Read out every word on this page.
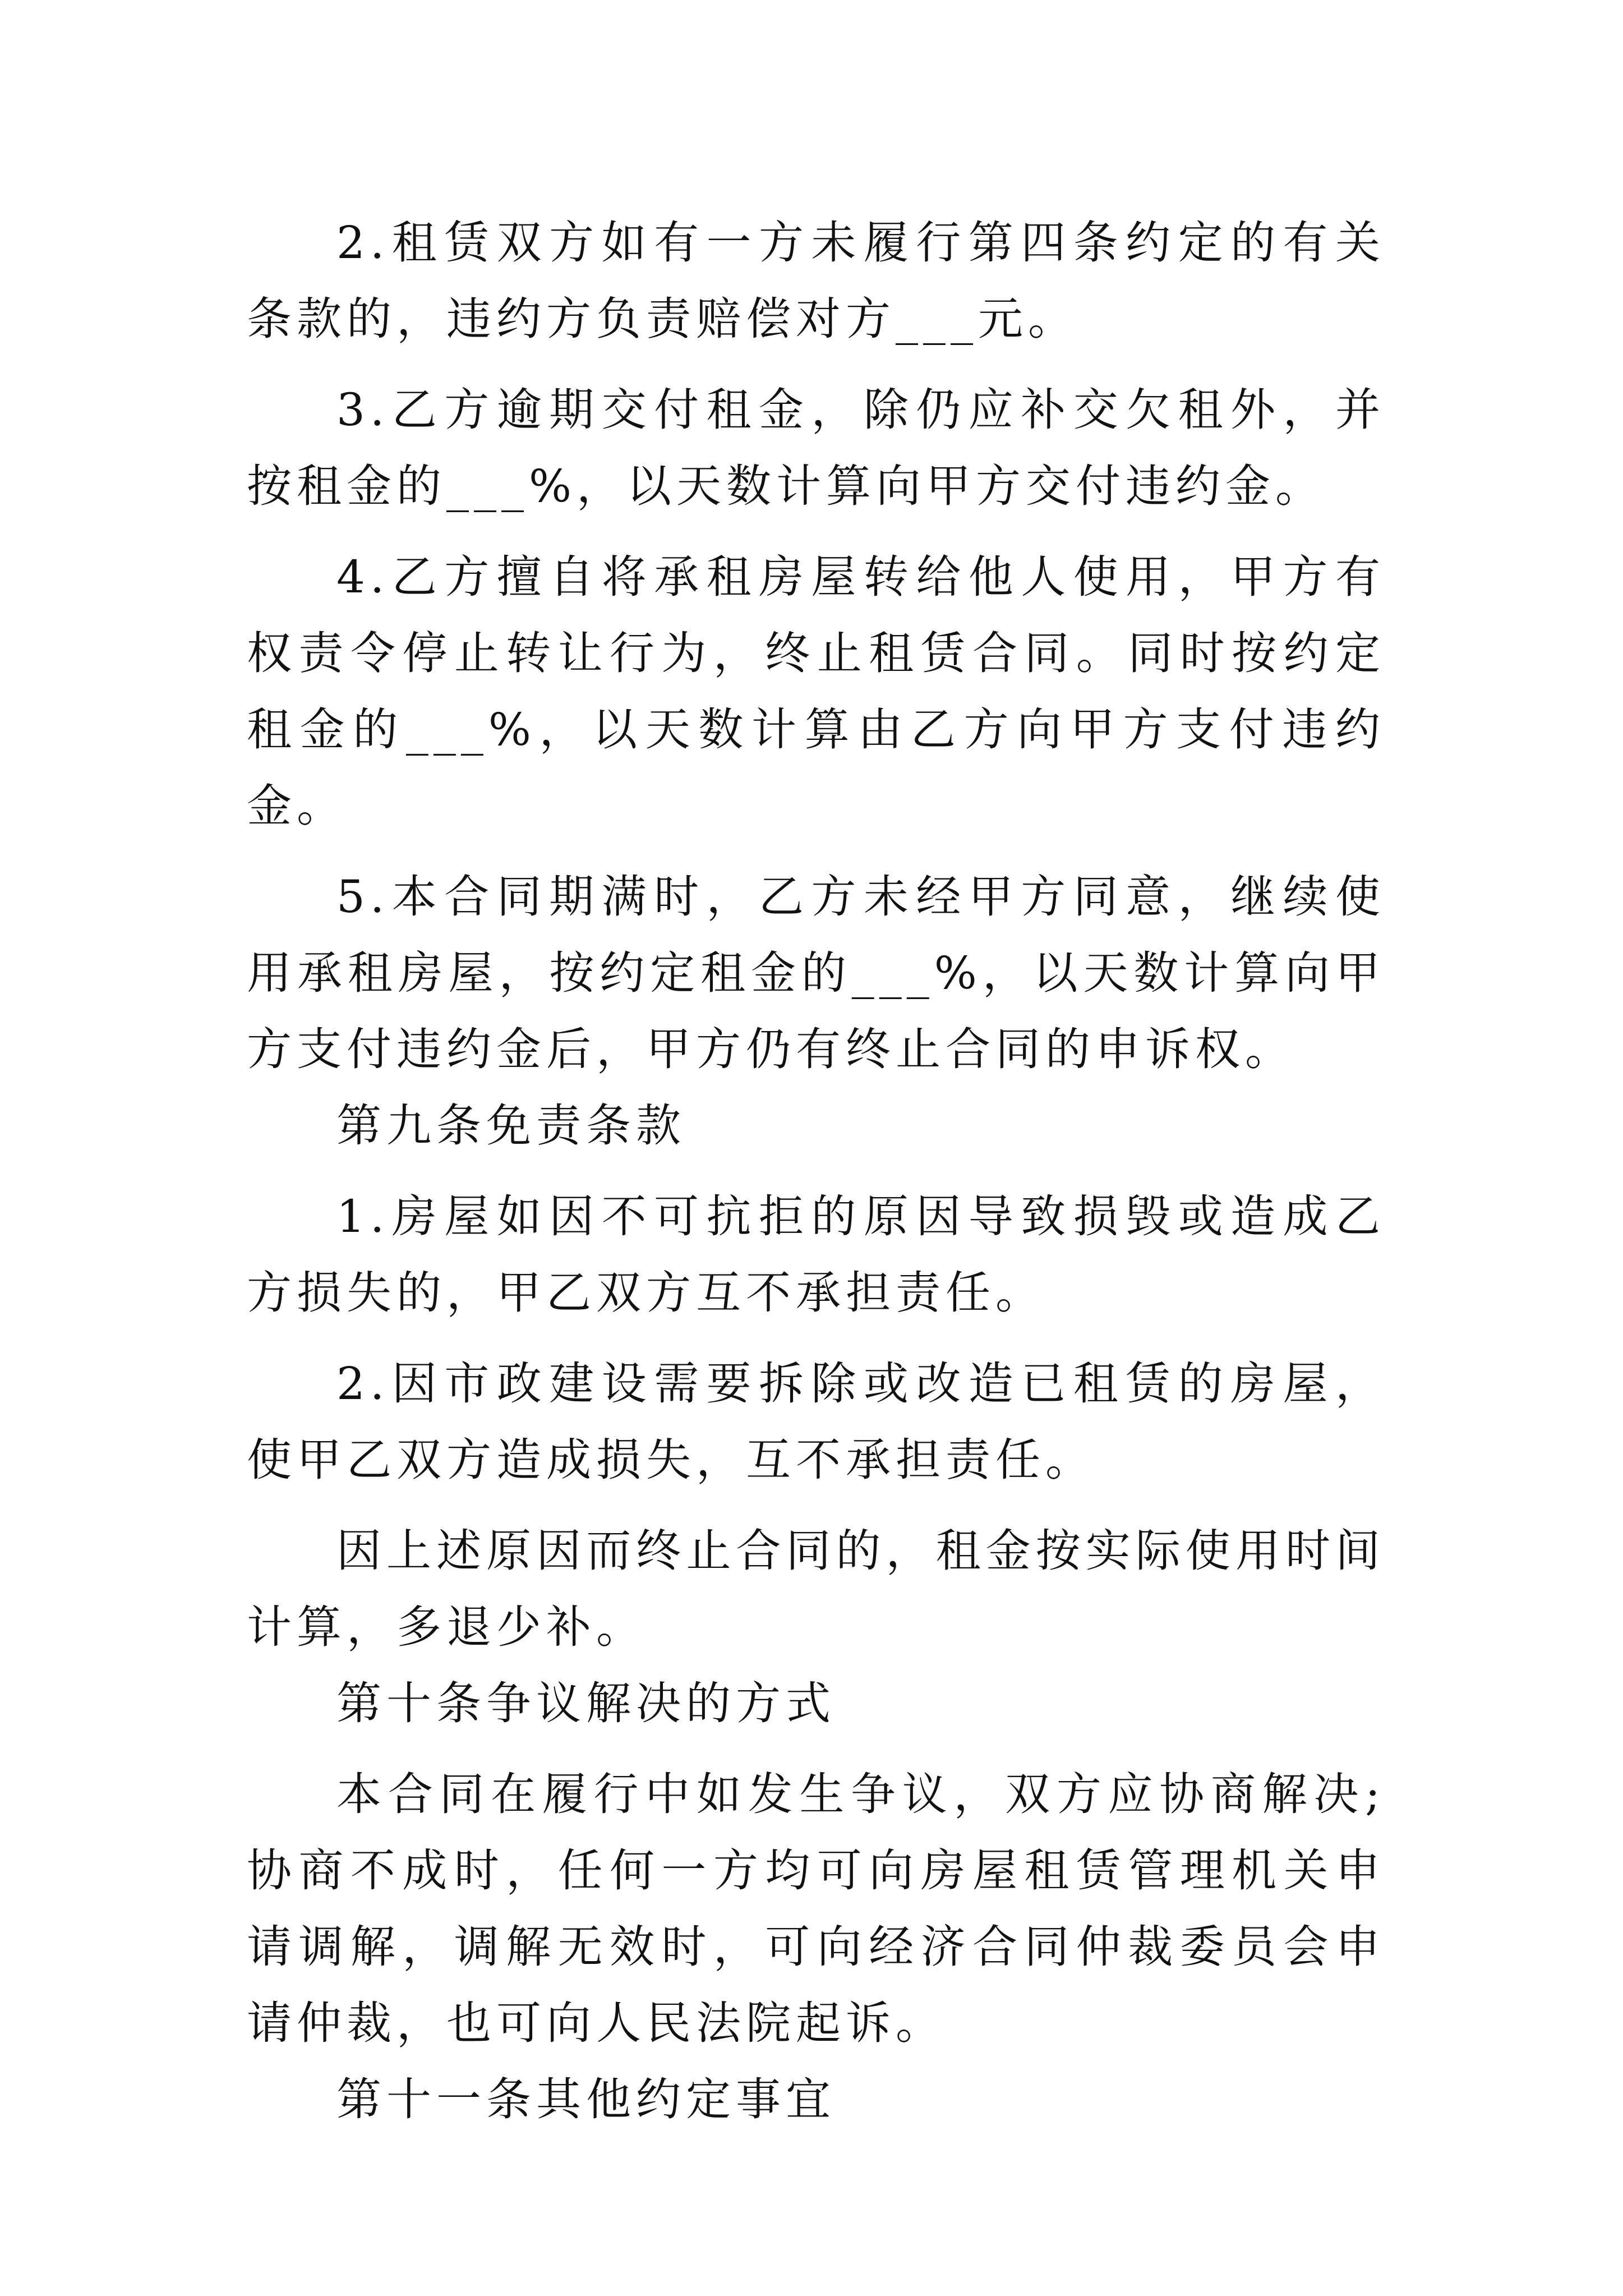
2.租赁双方如有一方未履行第四条约定的有关条款的，违约方负责赔偿对方___元。

3.乙方逾期交付租金，除仍应补交欠租外，并按租金的___%，以天数计算向甲方交付违约金。

4.乙方擅自将承租房屋转给他人使用，甲方有权责令停止转让行为，终止租赁合同。同时按约定租金的___%，以天数计算由乙方向甲方支付违约金。

5.本合同期满时，乙方未经甲方同意，继续使用承租房屋，按约定租金的___%，以天数计算向甲方支付违约金后，甲方仍有终止合同的申诉权。

第九条免责条款

1.房屋如因不可抗拒的原因导致损毁或造成乙方损失的，甲乙双方互不承担责任。

2.因市政建设需要拆除或改造已租赁的房屋，使甲乙双方造成损失，互不承担责任。

因上述原因而终止合同的，租金按实际使用时间计算，多退少补。

第十条争议解决的方式

本合同在履行中如发生争议，双方应协商解决;协商不成时，任何一方均可向房屋租赁管理机关申请调解，调解无效时，可向经济合同仲裁委员会申请仲裁，也可向人民法院起诉。

第十一条其他约定事宜
